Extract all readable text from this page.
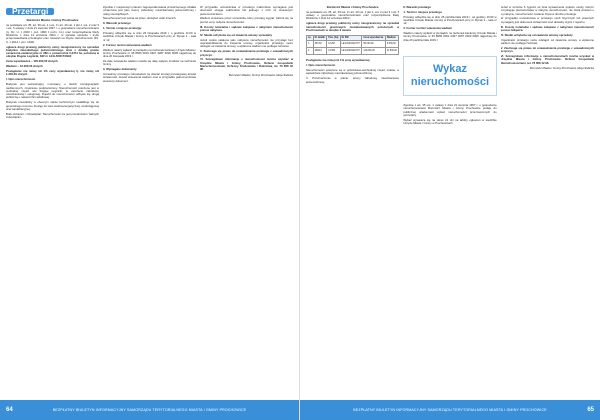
Przetargi

Burmistrz Miasta i Gminy Prochowice

na podstawie art. 35, art. 39 ust. 1 i ust. 3 i art. 40 ust. 1 pkt 1, ust. 2 oraz 3 i ust. 5 ustawy z dnia 21 sierpnia 1997 r. o gospodarce nieruchomościami (t.j. Dz. U. z 2020 r. poz. 1990 z późn. zm.) oraz rozporządzenia Rady Ministrów z dnia 14 września 2004 r. w sprawie sposobu i trybu przeprowadzania przetargów oraz rokowań na zbycie nieruchomości (Dz. U. z 2014 r. poz. 1490)

ogłasza drugi przetarg publiczny ustny nieograniczony na sprzedaż budynku mieszkalnego jednorodzinnego wraz z działką gruntu oznaczoną ewidencyjnie nr 28/1 o powierzchni 0,0474 ha, położoną w obrębie Rogów Legnicki, KW nr LE1L/00017349/2

Cena wywoławcza – 120.000,00 złotych

Wadium – 12.000,00 złotych

Postąpienie nie mniej niż 1% ceny wywoławczej tj. nie mniej niż 1.200,00 złotych

I. Opis nieruchomości

Budynek jest wolnostojący, murowany, o dwóch kondygnacjach nadziemnych, częściowo podpiwniczony. Nieruchomość położona jest w centralnej części wsi Rogów Legnicki, w otoczeniu zabudowy mieszkaniowej i usługowej. Dojazd do nieruchomości odbywa się drogą publiczną o nawierzchni asfaltowej.

Budynek mieszkalny w obecnym stanie technicznym kwalifikuje się do generalnego remontu. Dostęp do sieci elektroenergetycznej, wodociągowej oraz kanalizacyjnej.

Brak obciążeń i zobowiązań. Nieruchomość nie jest przedmiotem żadnych zobowiązań.

Zgodnie z miejscowym planem zagospodarowania przestrzennego działka oznaczona jest jako tereny zabudowy mieszkaniowej jednorodzinnej i usług nieuciążliwych.

Nieruchomość jest wolna od praw i obciążeń osób trzecich.

II. Warunki przetargu

1. Termin i miejsce przetargu

Przetarg odbędzie się w dniu 26 listopada 2019 r. o godzinie 11:00 w siedzibie Urzędu Miasta i Gminy w Prochowicach przy ul. Rynek 1 – sala nr 12.

2. Forma i termin wniesienia wadium

Wadium należy wpłacić w pieniądzu na rachunek bankowy Urzędu Miasta i Gminy Prochowice nr 35 8669 0001 0307 3287 2000 0005 najpóźniej do dnia 20 listopada 2019 r.

Za datę wniesienia wadium uważa się datę wpływu środków na rachunek Gminy.

3. Wymagane dokumenty

Uczestnicy przetargu zobowiązani są okazać komisji przetargowej dowód tożsamości, dowód wniesienia wadium oraz w przypadku pełnomocnictwa stosowny dokument.

W przypadku uczestnictwa w przetargu małżonków wymagana jest obecność obojga małżonków lub jednego z nich ze stosownym pełnomocnictwem.

Wadium wniesione przez uczestnika, który przetarg wygrał, zalicza się na poczet ceny nabycia nieruchomości.

III. Koszty notarialne i sądowe związane z nabyciem nieruchomości ponosi nabywca.

IV. Skutki uchylenia się od zawarcia umowy sprzedaży

Jeżeli osoba ustalona jako nabywca nieruchomości nie przystąpi bez usprawiedliwienia do zawarcia umowy, organizator przetargu może odstąpić od zawarcia umowy, a wpłacone wadium nie podlega zwrotowi.

V. Zastrzega się prawo do unieważnienia przetargu z uzasadnionych przyczyn.

VI. Szczegółowe informacje o nieruchomości można uzyskać w Urzędzie Miasta i Gminy Prochowice, Referat Gospodarki Nieruchomościami, Ochrony Środowiska i Rolnictwa, tel. 76 858 42 96.

Burmistrz Miasta i Gminy Prochowice Alicja Sielicka

64	BEZPŁATNY BIULETYN INFORMACYJNY SAMORZĄDU TERYTORIALNEGO MIASTA I GMINY PROCHOWICE

Burmistrz Miasta i Gminy Prochowice

na podstawie art. 35, art. 39 ust. 3 i art. 40 ust. 1 pkt 1, ust. 2 oraz 3 i ust. 5 ustawy o gospodarce nieruchomościami oraz rozporządzenia Rady Ministrów z dnia 14 września 2004 r.

ogłasza drugi przetarg publiczny ustny nieograniczony na sprzedaż nieruchomości gruntowych niezabudowanych położonych w Prochowicach w obrębie 3 miasta

Lp.	Nr działki	Pow. [ha]	Nr KW	Cena wywoławcza	Wadium
1.	407/18	0,1297	LE1L/00031247/7	95.000,00	9.500,00
2.	408/13	0,1584	LE1L/00031247/7	115.000,00	11.500,00

Postąpienie nie mniej niż 1% ceny wywoławczej.

I. Opis nieruchomości

Nieruchomości położone są w południowo-wschodniej części miasta, w sąsiedztwie zabudowy mieszkaniowej jednorodzinnej.

II. Przeznaczenie w planie: tereny zabudowy mieszkaniowej jednorodzinnej.

II. Warunki przetargu

1. Termin i miejsce przetargu

Przetarg odbędzie się w dniu 26 października 2019 r. od godziny 10:00 w siedzibie Urzędu Miasta i Gminy w Prochowicach przy ul. Rynek 1 – sala nr 12.

2. Forma i termin wniesienia wadium

Wadium należy wpłacić w pieniądzu na rachunek bankowy Urzędu Miasta i Gminy Prochowice nr 35 8669 0001 0307 3287 2000 0005 najpóźniej do dnia 20 października 2019 r.

Wykaz
nieruchomości

Zgodnie z art. 35 ust. 1 ustawy z dnia 21 sierpnia 1997 r. o gospodarce nieruchomościami Burmistrz Miasta i Gminy Prochowice podaje do publicznej wiadomości wykaz nieruchomości przeznaczonych do sprzedaży.

Wykaz wywiesza się na okres 21 dni na tablicy ogłoszeń w siedzibie Urzędu Miasta i Gminy w Prochowicach.

Jeżeli w terminie 6 tygodni od dnia wywieszenia wykazu osoby, którym przysługuje pierwszeństwo w nabyciu nieruchomości, nie złożą wniosku o jej nabycie, nieruchomość zostanie zbyta w drodze przetargu.

W przypadku uczestnictwa w przetargu osób fizycznych lub prawnych wymagany jest dokument tożsamości oraz aktualny wypis z rejestru.

III. Koszty notarialne i sądowe związane z nabyciem nieruchomości ponosi nabywca.

IV. Skutki uchylenia się od zawarcia umowy sprzedaży

Organizator przetargu może odstąpić od zawarcia umowy, a wpłacone wadium nie podlega zwrotowi.

V. Zastrzega się prawo do unieważnienia przetargu z uzasadnionych przyczyn.

VI. Szczegółowe informacje o nieruchomościach można uzyskać w Urzędzie Miasta i Gminy Prochowice, Referat Gospodarki Nieruchomościami, tel. 76 858 42 96.

Burmistrz Miasta i Gminy Prochowice Alicja Sielicka

BEZPŁATNY BIULETYN INFORMACYJNY SAMORZĄDU TERYTORIALNEGO MIASTA I GMINY PROCHOWICE	65
